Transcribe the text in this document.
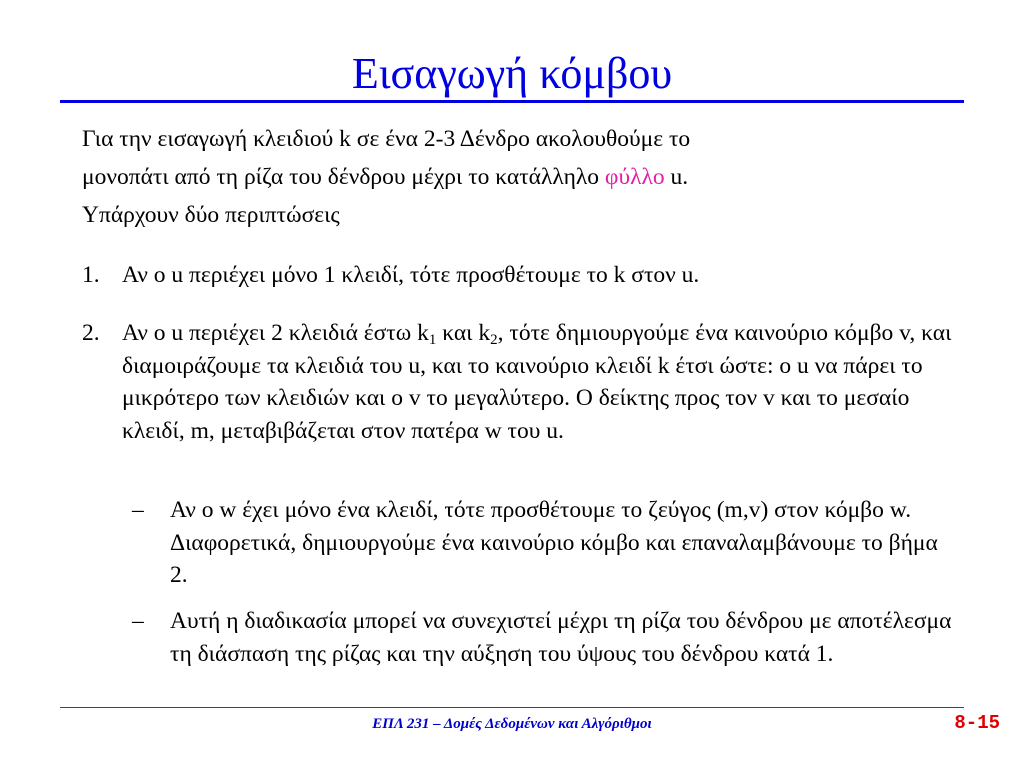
Εισαγωγή κόμβου

Για την εισαγωγή κλειδιού k σε ένα 2-3 Δένδρο ακολουθούμε το

μονοπάτι από τη ρίζα του δένδρου μέχρι το κατάλληλο φύλλο u.

Υπάρχουν δύο περιπτώσεις

1. Αν ο u περιέχει μόνο 1 κλειδί, τότε προσθέτουμε το k στον u.
2. Αν ο u περιέχει 2 κλειδιά έστω $k_1$ και $k_2$, τότε δημιουργούμε ένα καινούριο κόμβο v, και διαμοιράζουμε τα κλειδιά του u, και το καινούριο κλειδί k έτσι ώστε: ο u να πάρει το μικρότερο των κλειδιών και ο v το μεγαλύτερο. Ο δείκτης προς τον v και το μεσαίο κλειδί, m, μεταβιβάζεται στον πατέρα w του u.
– Αν ο w έχει μόνο ένα κλειδί, τότε προσθέτουμε το ζεύγος (m,v) στον κόμβο w. Διαφορετικά, δημιουργούμε ένα καινούριο κόμβο και επαναλαμβάνουμε το βήμα 2.
– Αυτή η διαδικασία μπορεί να συνεχιστεί μέχρι τη ρίζα του δένδρου με αποτέλεσμα τη διάσπαση της ρίζας και την αύξηση του ύψους του δένδρου κατά 1.
ΕΠΛ 231 – Δομές Δεδομένων και Αλγόριθμοι	8-15
